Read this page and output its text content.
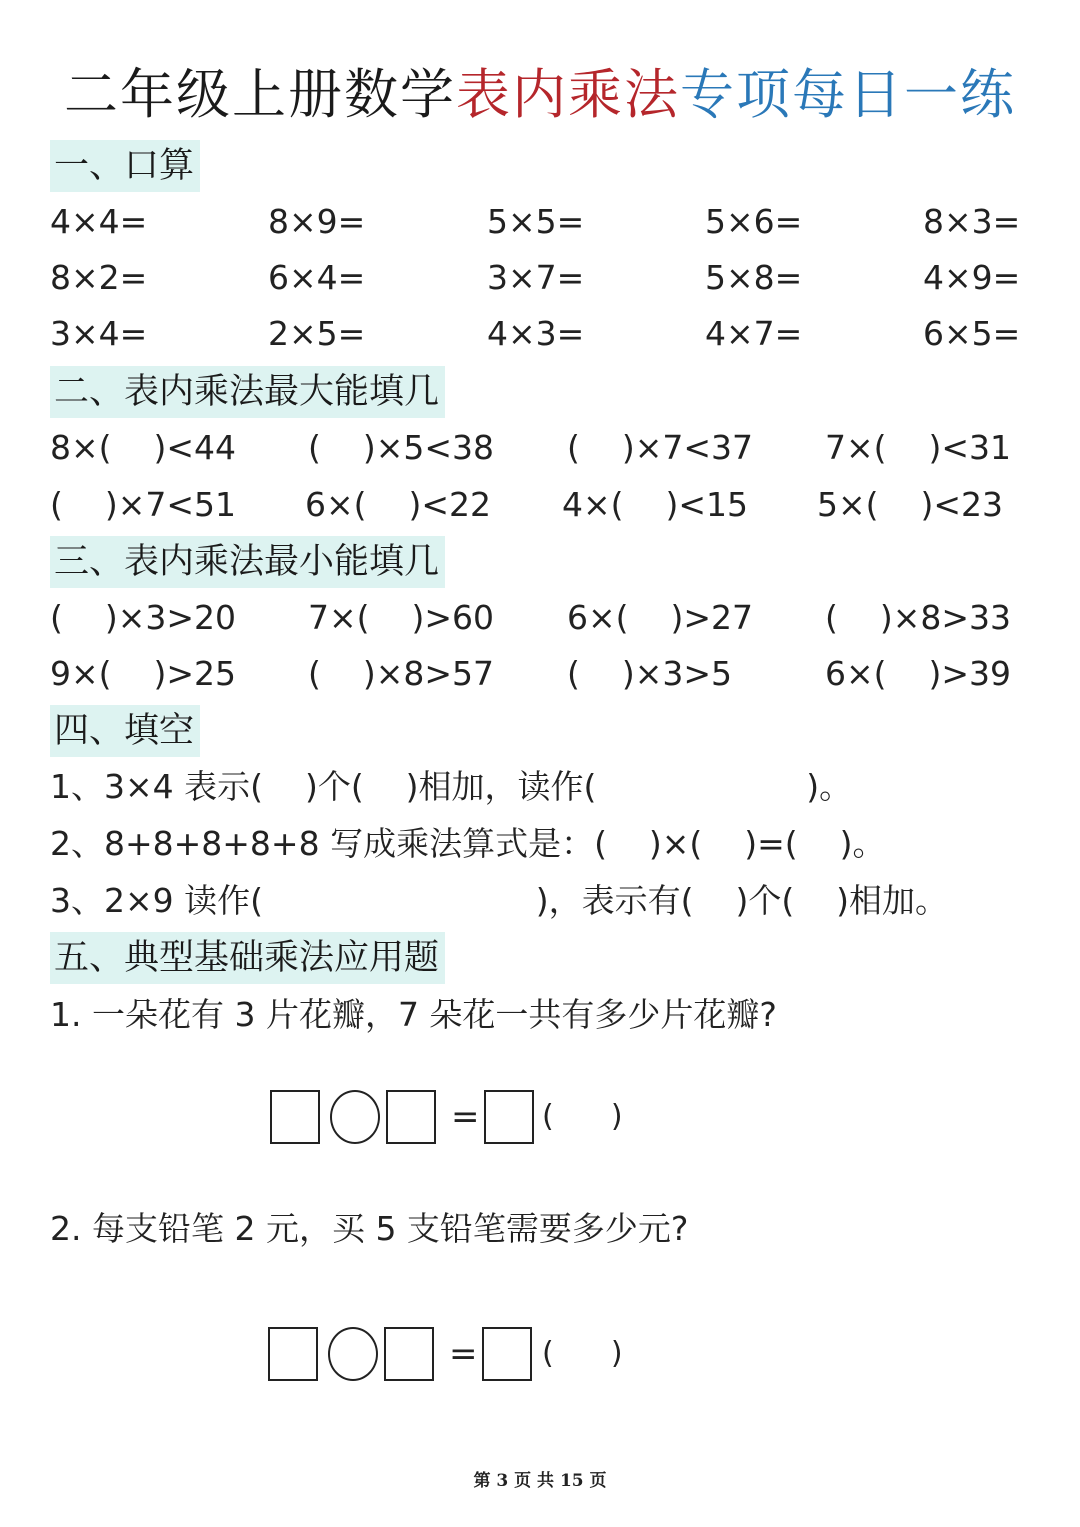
二年级上册数学表内乘法专项每日一练
一、口算
4×4=	8×9=	5×5=	5×6=	8×3=
8×2=	6×4=	3×7=	5×8=	4×9=
3×4=	2×5=	4×3=	4×7=	6×5=
二、表内乘法最大能填几
8×(    )<44 (    )×5<38 (    )×7<37 7×(    )<31
(    )×7<51 6×(    )<22 4×(    )<15 5×(    )<23
三、表内乘法最小能填几
(    )×3>20 7×(    )>60 6×(    )>27 (    )×8>33
9×(    )>25 (    )×8>57 (    )×3>5	6×(    )>39
四、填空
1、3×4 表示(    )个(    )相加，读作(                    )。
2、8+8+8+8+8 写成乘法算式是：(    )×(    )=(    )。
3、2×9 读作(                          )，表示有(    )个(    )相加。
五、典型基础乘法应用题
1. 一朵花有 3 片花瓣，7 朵花一共有多少片花瓣?
= (      )
2. 每支铅笔 2 元，买 5 支铅笔需要多少元?
= (      )
第 3 页 共 15 页
